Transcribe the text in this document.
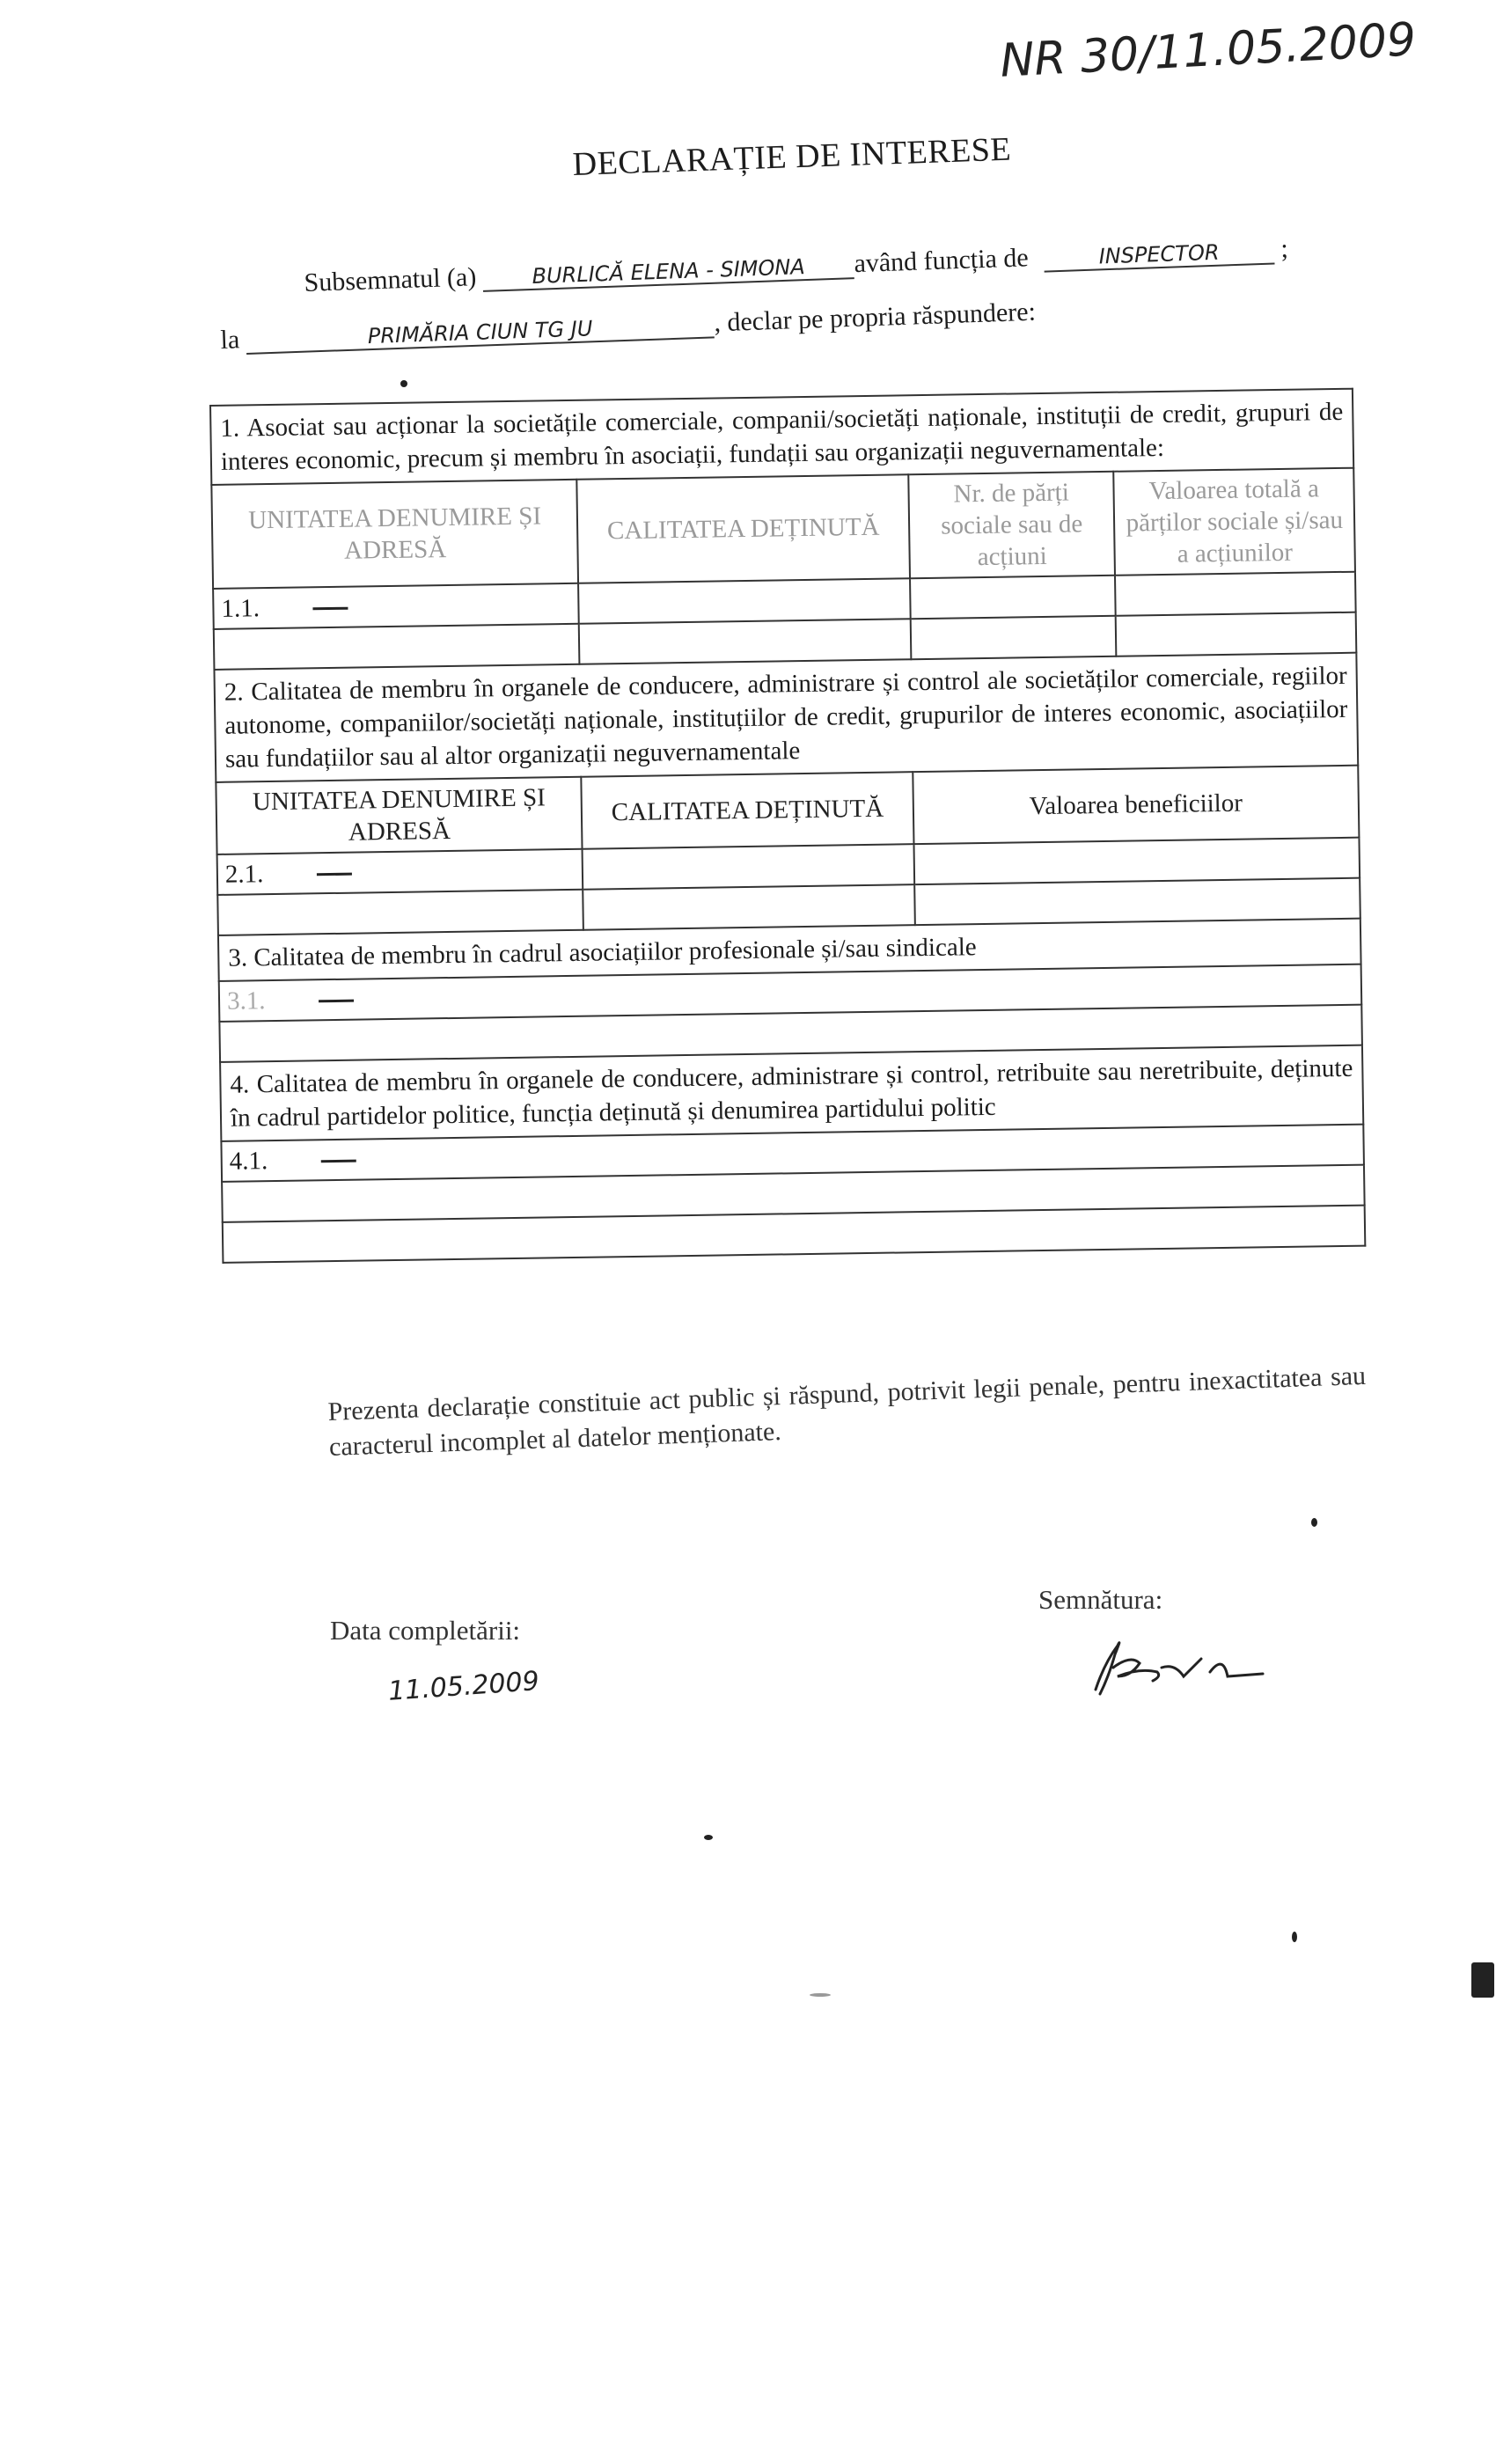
NR 30/11.05.2009
DECLARAȚIE DE INTERESE
Subsemnatul (a)	BURLICĂ ELENA - SIMONA având funcția de	INSPECTOR ;
la	PRIMĂRIA CIUN TG JU	, declar pe propria răspundere:
1. Asociat sau acționar la societățile comerciale, companii/societăți naționale, instituții de credit, grupuri de interes economic, precum și membru în asociații, fundații sau organizații neguvernamentale:
UNITATEA DENUMIRE ȘI ADRESĂ	CALITATEA DEȚINUTĂ	Nr. de părți sociale sau de acțiuni	Valoarea totală a părților sociale și/sau a acțiunilor
1.1.			

2. Calitatea de membru în organele de conducere, administrare și control ale societăților comerciale, regiilor autonome, companiilor/societăți naționale, instituțiilor de credit, grupurilor de interes economic, asociațiilor sau fundațiilor sau al altor organizații neguvernamentale
UNITATEA DENUMIRE ȘI ADRESĂ	CALITATEA DEȚINUTĂ	Valoarea beneficiilor
2.1.		

3. Calitatea de membru în cadrul asociațiilor profesionale și/sau sindicale
3.1.

4. Calitatea de membru în organele de conducere, administrare și control, retribuite sau neretribuite, deținute în cadrul partidelor politice, funcția deținută și denumirea partidului politic
4.1.

Prezenta declarație constituie act public și răspund, potrivit legii penale, pentru inexactitatea sau caracterul incomplet al datelor menționate.
Data completării:
11.05.2009
Semnătura:
